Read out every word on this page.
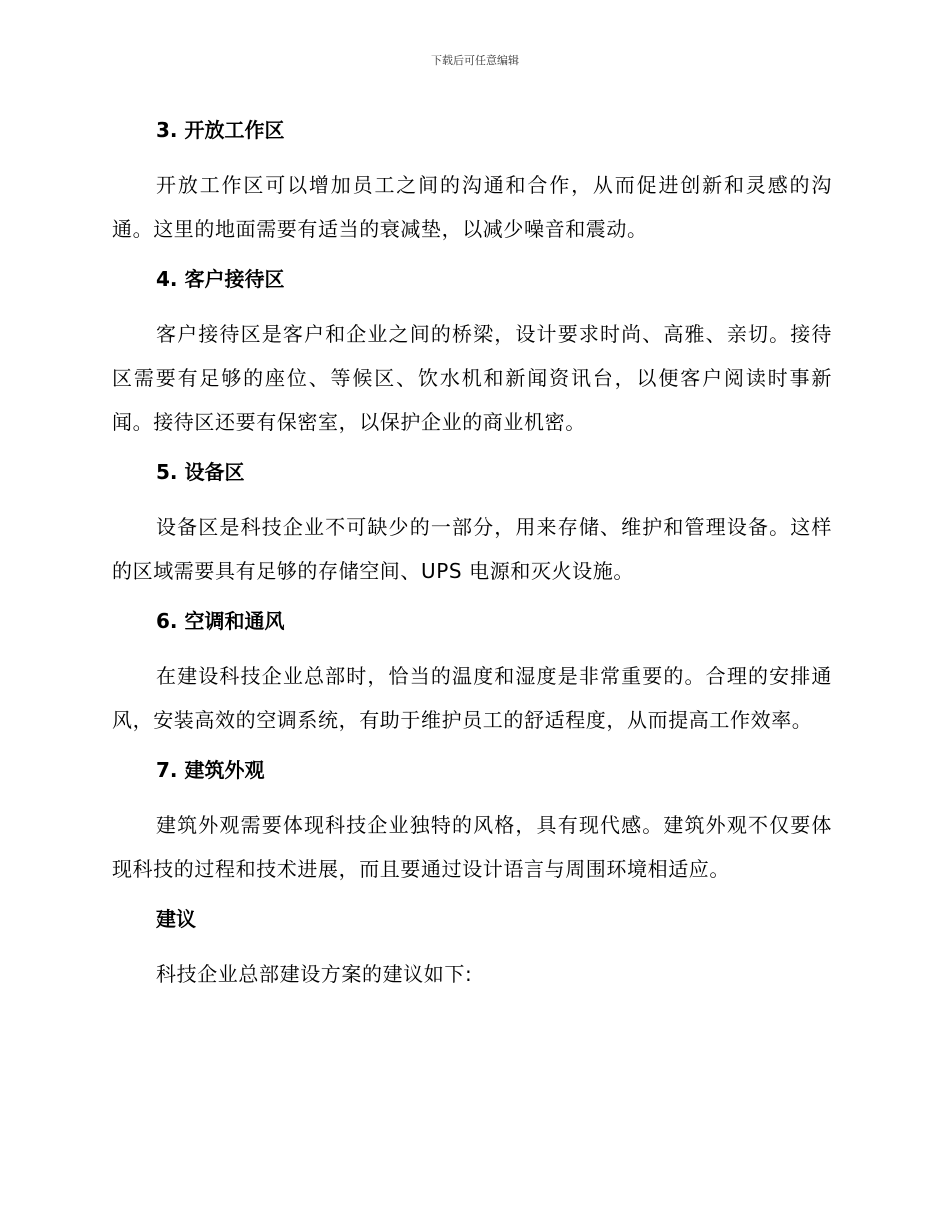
下载后可任意编辑
3. 开放工作区

开放工作区可以增加员工之间的沟通和合作，从而促进创新和灵感的沟通。这里的地面需要有适当的衰减垫，以减少噪音和震动。

4. 客户接待区

客户接待区是客户和企业之间的桥梁，设计要求时尚、高雅、亲切。接待区需要有足够的座位、等候区、饮水机和新闻资讯台，以便客户阅读时事新闻。接待区还要有保密室，以保护企业的商业机密。

5. 设备区

设备区是科技企业不可缺少的一部分，用来存储、维护和管理设备。这样的区域需要具有足够的存储空间、UPS 电源和灭火设施。

6. 空调和通风

在建设科技企业总部时，恰当的温度和湿度是非常重要的。合理的安排通风，安装高效的空调系统，有助于维护员工的舒适程度，从而提高工作效率。

7. 建筑外观

建筑外观需要体现科技企业独特的风格，具有现代感。建筑外观不仅要体现科技的过程和技术进展，而且要通过设计语言与周围环境相适应。

建议

科技企业总部建设方案的建议如下:
